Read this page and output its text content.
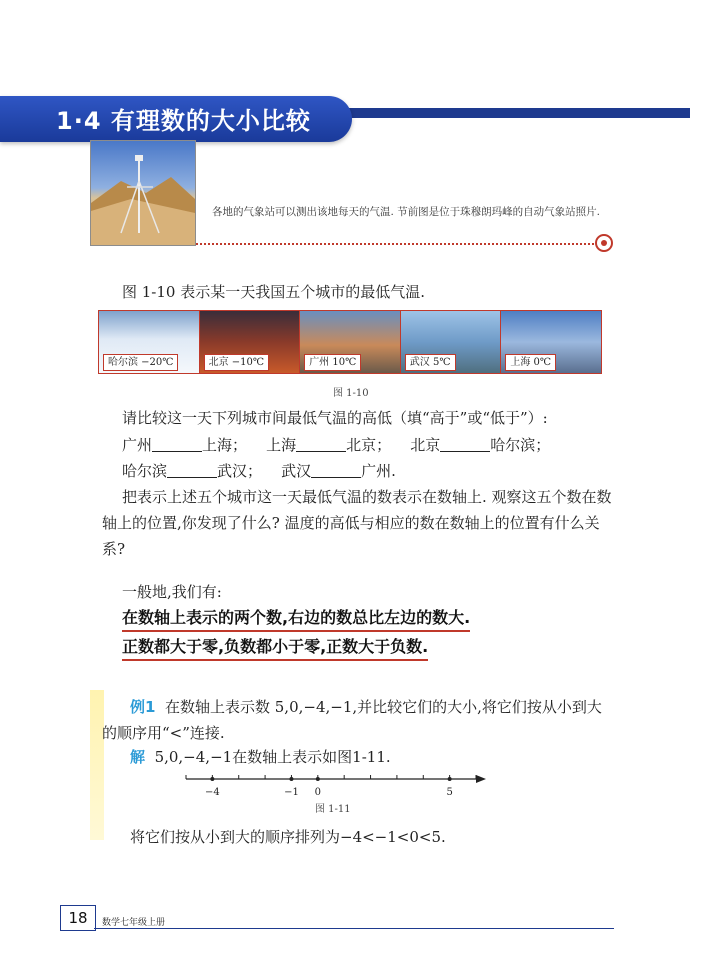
1·4 有理数的大小比较
各地的气象站可以测出该地每天的气温. 节前图是位于珠穆朗玛峰的自动气象站照片.
图 1-10 表示某一天我国五个城市的最低气温.
哈尔滨 −20℃	北京 −10℃	广州 10℃	武汉 5℃	上海 0℃
图 1-10
请比较这一天下列城市间最低气温的高低（填“高于”或“低于”）:
广州	上海； 上海	北京； 北京	哈尔滨；
哈尔滨	武汉； 武汉	广州.
把表示上述五个城市这一天最低气温的数表示在数轴上. 观察这五个数在数轴上的位置,你发现了什么? 温度的高低与相应的数在数轴上的位置有什么关系?
一般地,我们有:
在数轴上表示的两个数,右边的数总比左边的数大.
正数都大于零,负数都小于零,正数大于负数.
例1 在数轴上表示数 5,0,−4,−1,并比较它们的大小,将它们按从小到大的顺序用“<”连接.
解 5,0,−4,−1在数轴上表示如图1-11.
−4	−1 0	5
图 1-11
将它们按从小到大的顺序排列为−4<−1<0<5.
18	数学七年级上册
